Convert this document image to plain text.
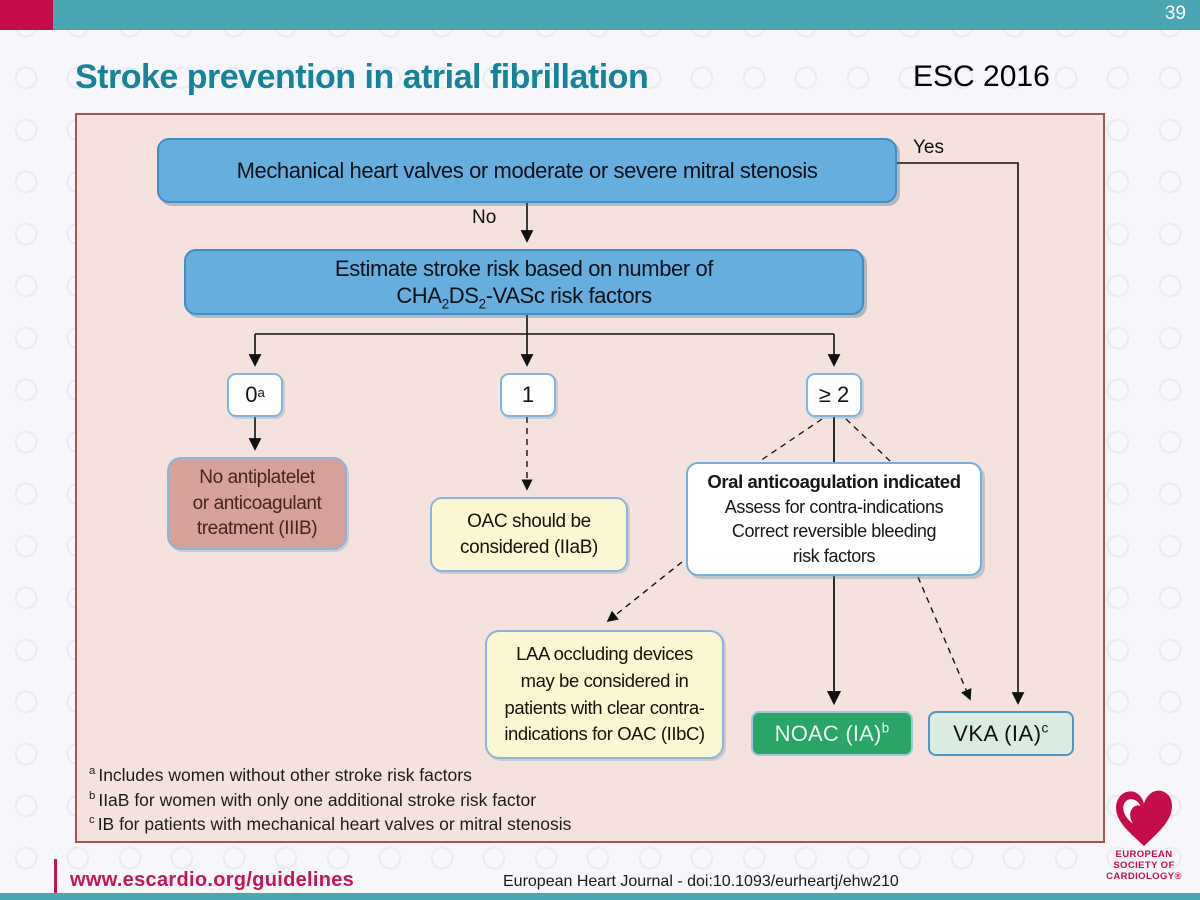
39
Stroke prevention in atrial fibrillation	ESC 2016
Mechanical heart valves or moderate or severe mitral stenosis
Yes
No
Estimate stroke risk based on number of
$CHA_2DS_2$-VASc risk factors
0$^a$	1	≥ 2
No antiplatelet
or anticoagulant
treatment (IIIB)	OAC should be
considered (IIaB)
Oral anticoagulation indicated
Assess for contra-indications
Correct reversible bleeding
risk factors
LAA occluding devices
may be considered in
patients with clear contra-
indications for OAC (IIbC)	NOAC (IA)$^b$	VKA (IA)$^c$
$^a$ Includes women without other stroke risk factors
$^b$ IIaB for women with only one additional stroke risk factor
$^c$ IB for patients with mechanical heart valves or mitral stenosis
www.escardio.org/guidelines	European Heart Journal - doi:10.1093/eurheartj/ehw210
EUROPEAN
SOCIETY OF
CARDIOLOGY®
